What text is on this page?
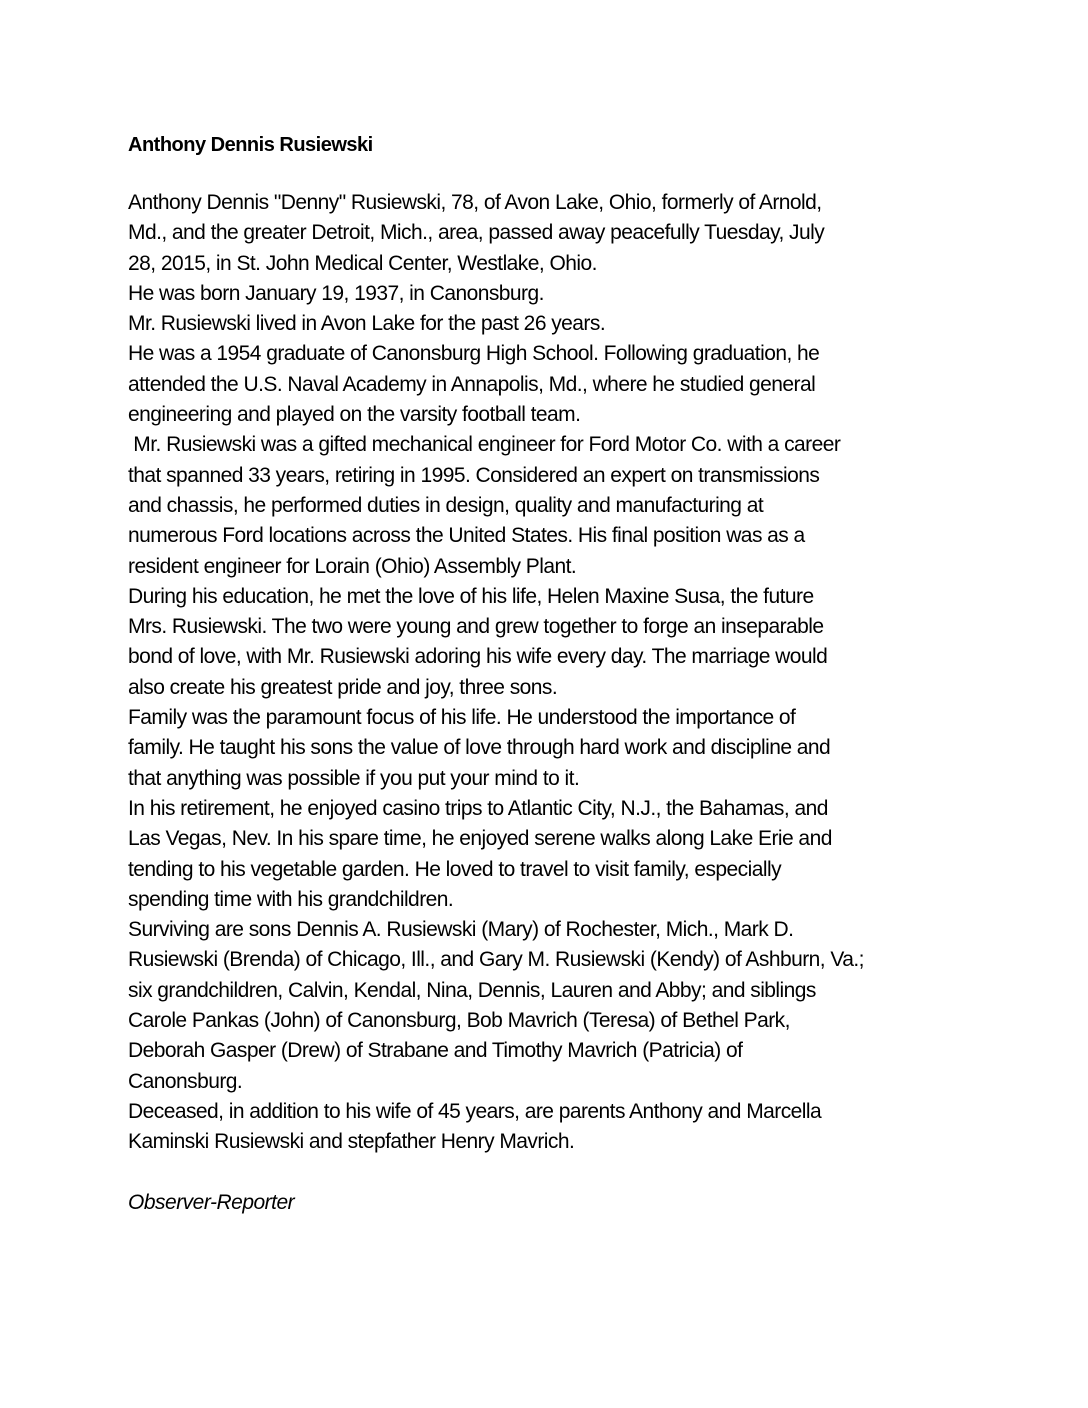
Anthony Dennis Rusiewski

Anthony Dennis "Denny" Rusiewski, 78, of Avon Lake, Ohio, formerly of Arnold,

Md., and the greater Detroit, Mich., area, passed away peacefully Tuesday, July

28, 2015, in St. John Medical Center, Westlake, Ohio.

He was born January 19, 1937, in Canonsburg.

Mr. Rusiewski lived in Avon Lake for the past 26 years.

He was a 1954 graduate of Canonsburg High School. Following graduation, he

attended the U.S. Naval Academy in Annapolis, Md., where he studied general

engineering and played on the varsity football team.

Mr. Rusiewski was a gifted mechanical engineer for Ford Motor Co. with a career

that spanned 33 years, retiring in 1995. Considered an expert on transmissions

and chassis, he performed duties in design, quality and manufacturing at

numerous Ford locations across the United States. His final position was as a

resident engineer for Lorain (Ohio) Assembly Plant.

During his education, he met the love of his life, Helen Maxine Susa, the future

Mrs. Rusiewski. The two were young and grew together to forge an inseparable

bond of love, with Mr. Rusiewski adoring his wife every day. The marriage would

also create his greatest pride and joy, three sons.

Family was the paramount focus of his life. He understood the importance of

family. He taught his sons the value of love through hard work and discipline and

that anything was possible if you put your mind to it.

In his retirement, he enjoyed casino trips to Atlantic City, N.J., the Bahamas, and

Las Vegas, Nev. In his spare time, he enjoyed serene walks along Lake Erie and

tending to his vegetable garden. He loved to travel to visit family, especially

spending time with his grandchildren.

Surviving are sons Dennis A. Rusiewski (Mary) of Rochester, Mich., Mark D.

Rusiewski (Brenda) of Chicago, Ill., and Gary M. Rusiewski (Kendy) of Ashburn, Va.;

six grandchildren, Calvin, Kendal, Nina, Dennis, Lauren and Abby; and siblings

Carole Pankas (John) of Canonsburg, Bob Mavrich (Teresa) of Bethel Park,

Deborah Gasper (Drew) of Strabane and Timothy Mavrich (Patricia) of

Canonsburg.

Deceased, in addition to his wife of 45 years, are parents Anthony and Marcella

Kaminski Rusiewski and stepfather Henry Mavrich.

Observer-Reporter
